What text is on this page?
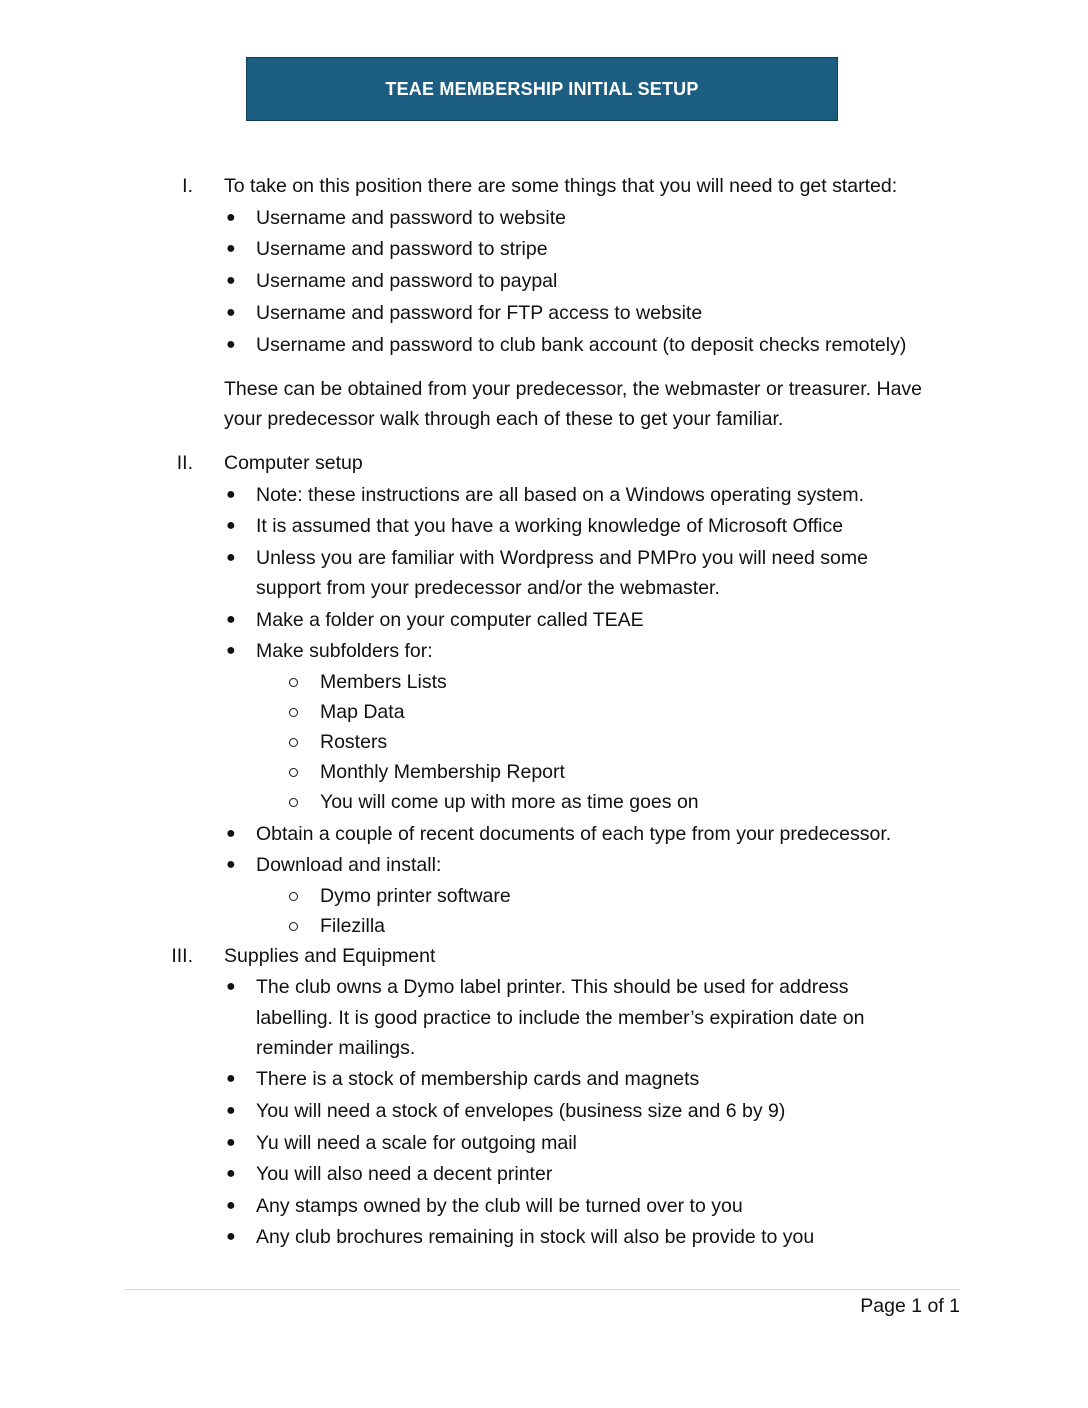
TEAE MEMBERSHIP INITIAL SETUP
I. To take on this position there are some things that you will need to get started:
● Username and password to website
● Username and password to stripe
● Username and password to paypal
● Username and password for FTP access to website
● Username and password to club bank account (to deposit checks remotely)
These can be obtained from your predecessor, the webmaster or treasurer. Have
your predecessor walk through each of these to get your familiar.
II. Computer setup
● Note: these instructions are all based on a Windows operating system.
● It is assumed that you have a working knowledge of Microsoft Office
● Unless you are familiar with Wordpress and PMPro you will need some
support from your predecessor and/or the webmaster.
● Make a folder on your computer called TEAE
● Make subfolders for:
Members Lists
Map Data
Rosters
Monthly Membership Report
You will come up with more as time goes on
● Obtain a couple of recent documents of each type from your predecessor.
● Download and install:
Dymo printer software
Filezilla
III. Supplies and Equipment
● The club owns a Dymo label printer. This should be used for address
labelling. It is good practice to include the member’s expiration date on
reminder mailings.
● There is a stock of membership cards and magnets
● You will need a stock of envelopes (business size and 6 by 9)
● Yu will need a scale for outgoing mail
● You will also need a decent printer
● Any stamps owned by the club will be turned over to you
● Any club brochures remaining in stock will also be provide to you
Page 1 of 1
